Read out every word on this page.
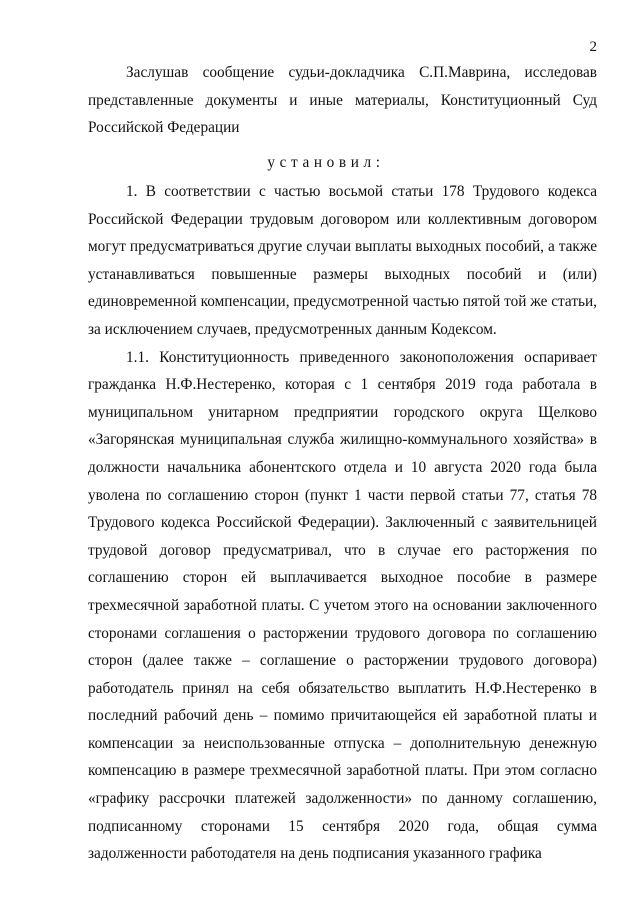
2

Заслушав сообщение судьи-докладчика С.П.Маврина, исследовав представленные документы и иные материалы, Конституционный Суд Российской Федерации

установил:

1. В соответствии с частью восьмой статьи 178 Трудового кодекса Российской Федерации трудовым договором или коллективным договором могут предусматриваться другие случаи выплаты выходных пособий, а также устанавливаться повышенные размеры выходных пособий и (или) единовременной компенсации, предусмотренной частью пятой той же статьи, за исключением случаев, предусмотренных данным Кодексом.

1.1. Конституционность приведенного законоположения оспаривает гражданка Н.Ф.Нестеренко, которая с 1 сентября 2019 года работала в муниципальном унитарном предприятии городского округа Щелково «Загорянская муниципальная служба жилищно-коммунального хозяйства» в должности начальника абонентского отдела и 10 августа 2020 года была уволена по соглашению сторон (пункт 1 части первой статьи 77, статья 78 Трудового кодекса Российской Федерации). Заключенный с заявительницей трудовой договор предусматривал, что в случае его расторжения по соглашению сторон ей выплачивается выходное пособие в размере трехмесячной заработной платы. С учетом этого на основании заключенного сторонами соглашения о расторжении трудового договора по соглашению сторон (далее также – соглашение о расторжении трудового договора) работодатель принял на себя обязательство выплатить Н.Ф.Нестеренко в последний рабочий день – помимо причитающейся ей заработной платы и компенсации за неиспользованные отпуска – дополнительную денежную компенсацию в размере трехмесячной заработной платы. При этом согласно «графику рассрочки платежей задолженности» по данному соглашению, подписанному сторонами 15 сентября 2020 года, общая сумма задолженности работодателя на день подписания указанного графика
